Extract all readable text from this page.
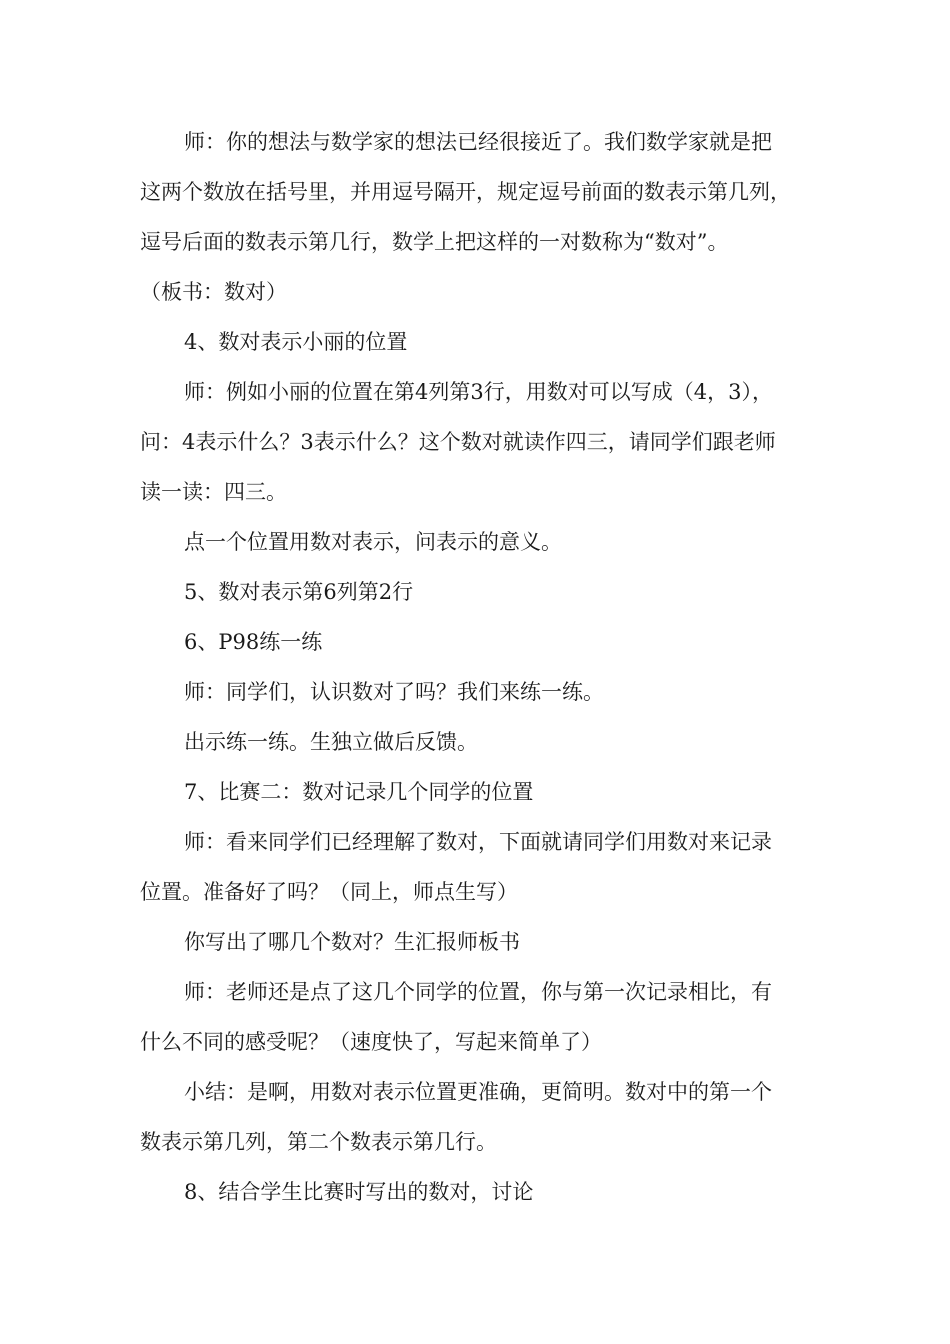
师：你的想法与数学家的想法已经很接近了。我们数学家就是把
这两个数放在括号里，并用逗号隔开，规定逗号前面的数表示第几列，
逗号后面的数表示第几行，数学上把这样的一对数称为“数对”。
（板书：数对）

4、数对表示小丽的位置

师：例如小丽的位置在第4列第3行，用数对可以写成（4，3），
问：4表示什么？3表示什么？这个数对就读作四三，请同学们跟老师
读一读：四三。

点一个位置用数对表示，问表示的意义。

5、数对表示第6列第2行

6、P98练一练

师：同学们，认识数对了吗？我们来练一练。

出示练一练。生独立做后反馈。

7、比赛二：数对记录几个同学的位置

师：看来同学们已经理解了数对，下面就请同学们用数对来记录
位置。准备好了吗？（同上，师点生写）

你写出了哪几个数对？生汇报师板书

师：老师还是点了这几个同学的位置，你与第一次记录相比，有
什么不同的感受呢？（速度快了，写起来简单了）

小结：是啊，用数对表示位置更准确，更简明。数对中的第一个
数表示第几列，第二个数表示第几行。

8、结合学生比赛时写出的数对，讨论
